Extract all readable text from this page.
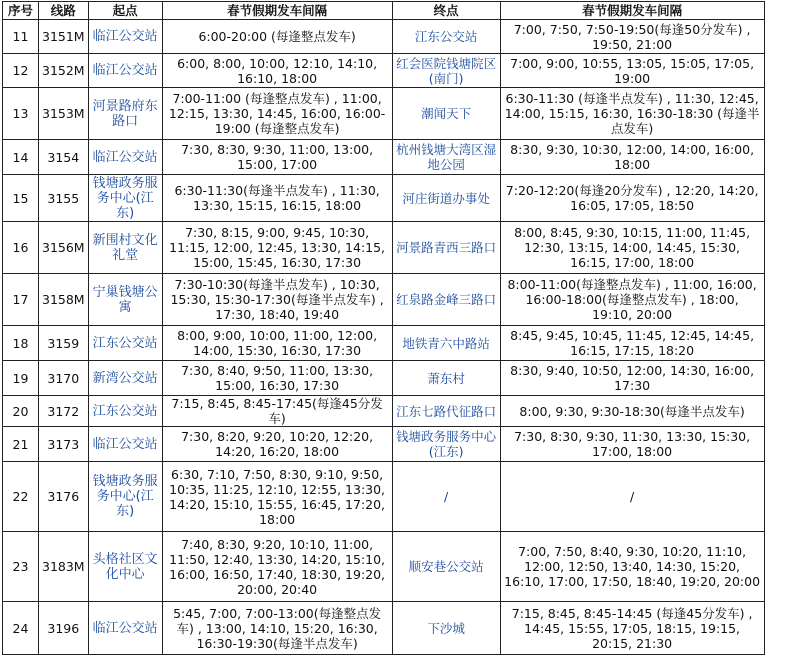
序号	线路	起点	春节假期发车间隔	终点	春节假期发车间隔
11	3151M	临江公交站	6:00-20:00 (每逢整点发车)	江东公交站	7:00, 7:50, 7:50-19:50(每逢50分发车) , 19:50, 21:00
12	3152M	临江公交站	6:00, 8:00, 10:00, 12:10, 14:10, 16:10, 18:00	红会医院钱塘院区(南门)	7:00, 9:00, 10:55, 13:05, 15:05, 17:05, 19:00
13	3153M	河景路府东路口	7:00-11:00 (每逢整点发车) , 11:00, 12:15, 13:30, 14:45, 16:00, 16:00-19:00 (每逢整点发车)	潮闻天下	6:30-11:30 (每逢半点发车) , 11:30, 12:45, 14:00, 15:15, 16:30, 16:30-18:30 (每逢半点发车)
14	3154	临江公交站	7:30, 8:30, 9:30, 11:00, 13:00, 15:00, 17:00	杭州钱塘大湾区湿地公园	8:30, 9:30, 10:30, 12:00, 14:00, 16:00, 18:00
15	3155	钱塘政务服务中心(江东)	6:30-11:30(每逢半点发车) , 11:30, 13:30, 15:15, 16:15, 18:00	河庄街道办事处	7:20-12:20(每逢20分发车) , 12:20, 14:20, 16:05, 17:05, 18:50
16	3156M	新围村文化礼堂	7:30, 8:15, 9:00, 9:45, 10:30, 11:15, 12:00, 12:45, 13:30, 14:15, 15:00, 15:45, 16:30, 17:30	河景路青西三路口	8:00, 8:45, 9:30, 10:15, 11:00, 11:45, 12:30, 13:15, 14:00, 14:45, 15:30, 16:15, 17:00, 18:00
17	3158M	宁巢钱塘公寓	7:30-10:30(每逢半点发车) , 10:30, 15:30, 15:30-17:30(每逢半点发车) , 17:30, 18:40, 19:40	红泉路金峰三路口	8:00-11:00(每逢整点发车) , 11:00, 16:00, 16:00-18:00(每逢整点发车) , 18:00, 19:10, 20:00
18	3159	江东公交站	8:00, 9:00, 10:00, 11:00, 12:00, 14:00, 15:30, 16:30, 17:30	地铁青六中路站	8:45, 9:45, 10:45, 11:45, 12:45, 14:45, 16:15, 17:15, 18:20
19	3170	新湾公交站	7:30, 8:40, 9:50, 11:00, 13:30, 15:00, 16:30, 17:30	萧东村	8:30, 9:40, 10:50, 12:00, 14:30, 16:00, 17:30
20	3172	江东公交站	7:15, 8:45, 8:45-17:45(每逢45分发车)	江东七路代征路口	8:00, 9:30, 9:30-18:30(每逢半点发车)
21	3173	临江公交站	7:30, 8:20, 9:20, 10:20, 12:20, 14:20, 16:20, 18:00	钱塘政务服务中心(江东)	7:30, 8:30, 9:30, 11:30, 13:30, 15:30, 17:00, 18:00
22	3176	钱塘政务服务中心(江东)	6:30, 7:10, 7:50, 8:30, 9:10, 9:50, 10:35, 11:25, 12:10, 12:55, 13:30, 14:20, 15:10, 15:55, 16:45, 17:20, 18:00	/	/
23	3183M	头格社区文化中心	7:40, 8:30, 9:20, 10:10, 11:00, 11:50, 12:40, 13:30, 14:20, 15:10, 16:00, 16:50, 17:40, 18:30, 19:20, 20:00, 20:40	顺安巷公交站	7:00, 7:50, 8:40, 9:30, 10:20, 11:10, 12:00, 12:50, 13:40, 14:30, 15:20, 16:10, 17:00, 17:50, 18:40, 19:20, 20:00
24	3196	临江公交站	5:45, 7:00, 7:00-13:00(每逢整点发车) , 13:00, 14:10, 15:20, 16:30, 16:30-19:30(每逢半点发车)	下沙城	7:15, 8:45, 8:45-14:45 (每逢45分发车) , 14:45, 15:55, 17:05, 18:15, 19:15, 20:15, 21:30
